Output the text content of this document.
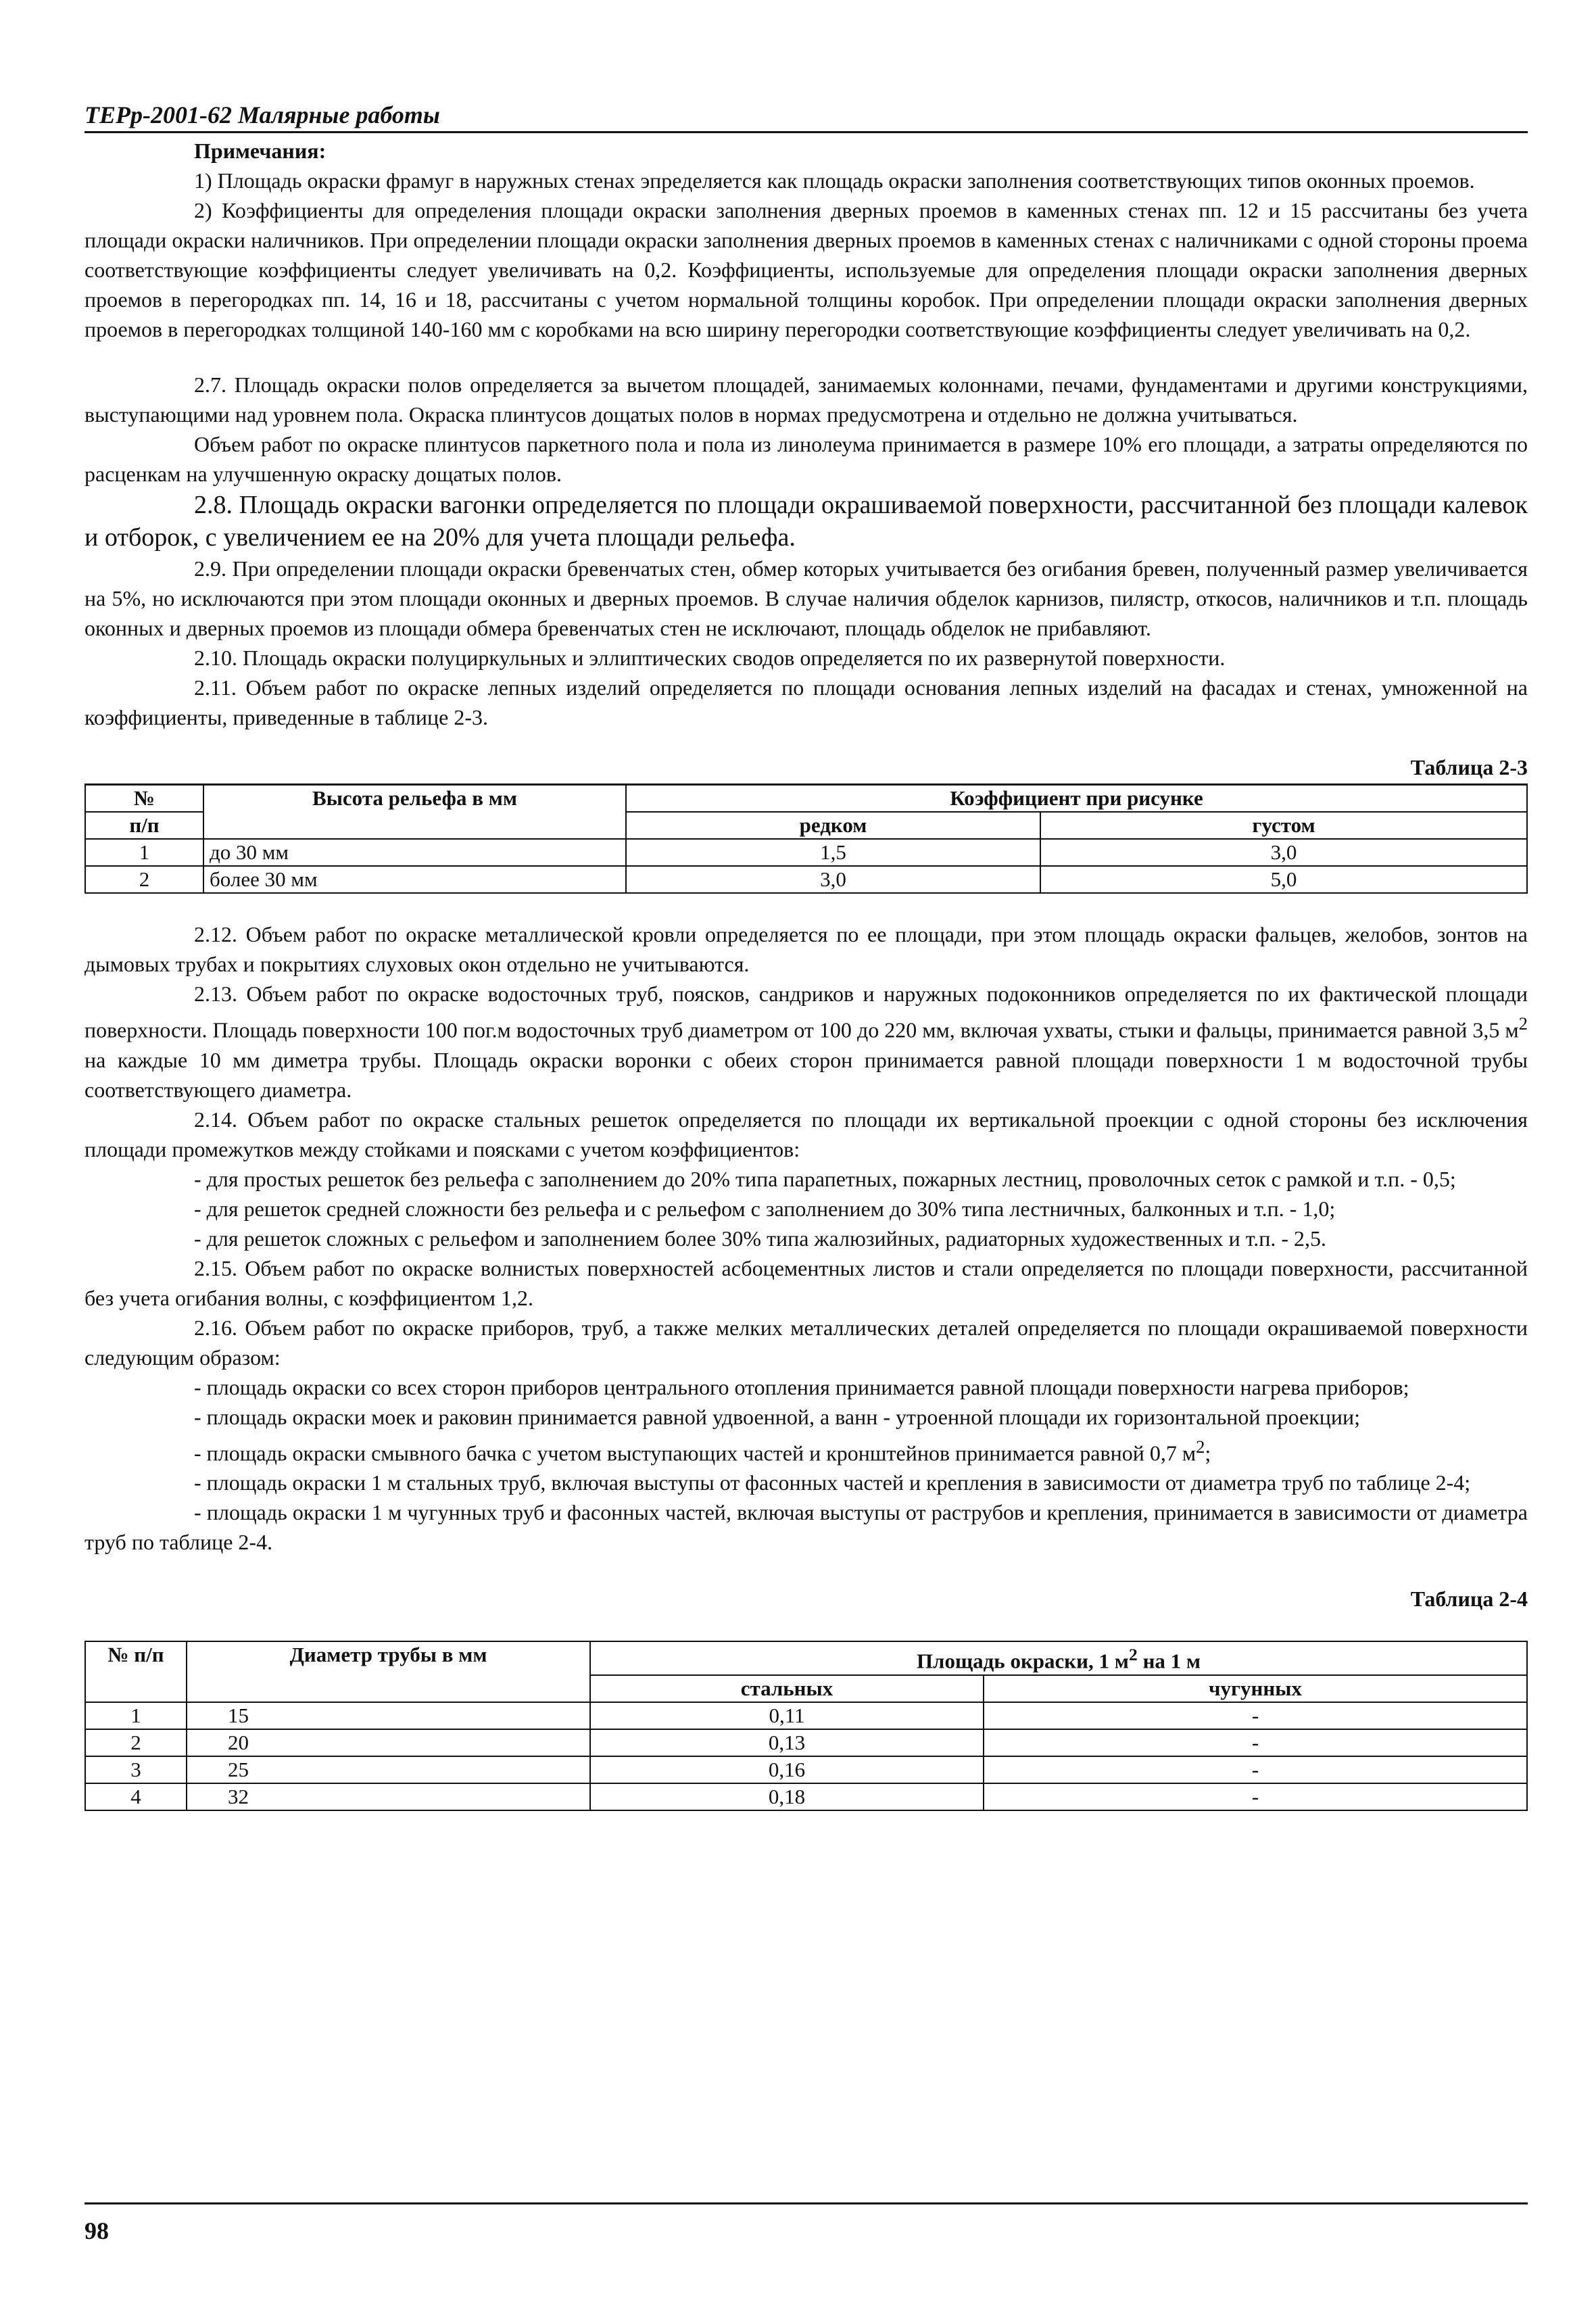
ТЕРр-2001-62 Малярные работы
Примечания:

1) Площадь окраски фрамуг в наружных стенах эпределяется как площадь окраски заполнения соответствующих типов оконных проемов.

2) Коэффициенты для определения площади окраски заполнения дверных проемов в каменных стенах пп. 12 и 15 рассчитаны без учета площади окраски наличников. При определении площади окраски заполнения дверных проемов в каменных стенах с наличниками с одной стороны проема соответствующие коэффициенты следует увеличивать на 0,2. Коэффициенты, используемые для определения площади окраски заполнения дверных проемов в перегородках пп. 14, 16 и 18, рассчитаны с учетом нормальной толщины коробок. При определении площади окраски заполнения дверных проемов в перегородках толщиной 140-160 мм с коробками на всю ширину перегородки соответствующие коэффициенты следует увеличивать на 0,2.

2.7. Площадь окраски полов определяется за вычетом площадей, занимаемых колоннами, печами, фундаментами и другими конструкциями, выступающими над уровнем пола. Окраска плинтусов дощатых полов в нормах предусмотрена и отдельно не должна учитываться.

Объем работ по окраске плинтусов паркетного пола и пола из линолеума принимается в размере 10% его площади, а затраты определяются по расценкам на улучшенную окраску дощатых полов.

2.8. Площадь окраски вагонки определяется по площади окрашиваемой поверхности, рассчитанной без площади калевок и отборок, с увеличением ее на 20% для учета площади рельефа.

2.9. При определении площади окраски бревенчатых стен, обмер которых учитывается без огибания бревен, полученный размер увеличивается на 5%, но исключаются при этом площади оконных и дверных проемов. В случае наличия обделок карнизов, пилястр, откосов, наличников и т.п. площадь оконных и дверных проемов из площади обмера бревенчатых стен не исключают, площадь обделок не прибавляют.

2.10. Площадь окраски полуциркульных и эллиптических сводов определяется по их развернутой поверхности.

2.11. Объем работ по окраске лепных изделий определяется по площади основания лепных изделий на фасадах и стенах, умноженной на коэффициенты, приведенные в таблице 2-3.

Таблица 2-3
№	Высота рельефа в мм	Коэффициент при рисунке	
п/п		редком	густом
1	до 30 мм	1,5	3,0
2	более 30 мм	3,0	5,0

2.12. Объем работ по окраске металлической кровли определяется по ее площади, при этом площадь окраски фальцев, желобов, зонтов на дымовых трубах и покрытиях слуховых окон отдельно не учитываются.

2.13. Объем работ по окраске водосточных труб, поясков, сандриков и наружных подоконников определяется по их фактической площади поверхности. Площадь поверхности 100 пог.м водосточных труб диаметром от 100 до 220 мм, включая ухваты, стыки и фальцы, принимается равной 3,5 $м^2$ на каждые 10 мм диметра трубы. Площадь окраски воронки с обеих сторон принимается равной площади поверхности 1 м водосточной трубы соответствующего диаметра.

2.14. Объем работ по окраске стальных решеток определяется по площади их вертикальной проекции с одной стороны без исключения площади промежутков между стойками и поясками с учетом коэффициентов:

- для простых решеток без рельефа с заполнением до 20% типа парапетных, пожарных лестниц, проволочных сеток с рамкой и т.п. - 0,5;

- для решеток средней сложности без рельефа и с рельефом с заполнением до 30% типа лестничных, балконных и т.п. - 1,0;

- для решеток сложных с рельефом и заполнением более 30% типа жалюзийных, радиаторных художественных и т.п. - 2,5.

2.15. Объем работ по окраске волнистых поверхностей асбоцементных листов и стали определяется по площади поверхности, рассчитанной без учета огибания волны, с коэффициентом 1,2.

2.16. Объем работ по окраске приборов, труб, а также мелких металлических деталей определяется по площади окрашиваемой поверхности следующим образом:

- площадь окраски со всех сторон приборов центрального отопления принимается равной площади поверхности нагрева приборов;

- площадь окраски моек и раковин принимается равной удвоенной, а ванн - утроенной площади их горизонтальной проекции;

- площадь окраски смывного бачка с учетом выступающих частей и кронштейнов принимается равной 0,7 $м^2$;

- площадь окраски 1 м стальных труб, включая выступы от фасонных частей и крепления в зависимости от диаметра труб по таблице 2-4;

- площадь окраски 1 м чугунных труб и фасонных частей, включая выступы от раструбов и крепления, принимается в зависимости от диаметра труб по таблице 2-4.

Таблица 2-4
№ п/п	Диаметр трубы в мм	Площадь окраски, 1 $м^2$ на 1 м	
		стальных	чугунных
1	15	0,11	-
2	20	0,13	-
3	25	0,16	-
4	32	0,18	-
98
